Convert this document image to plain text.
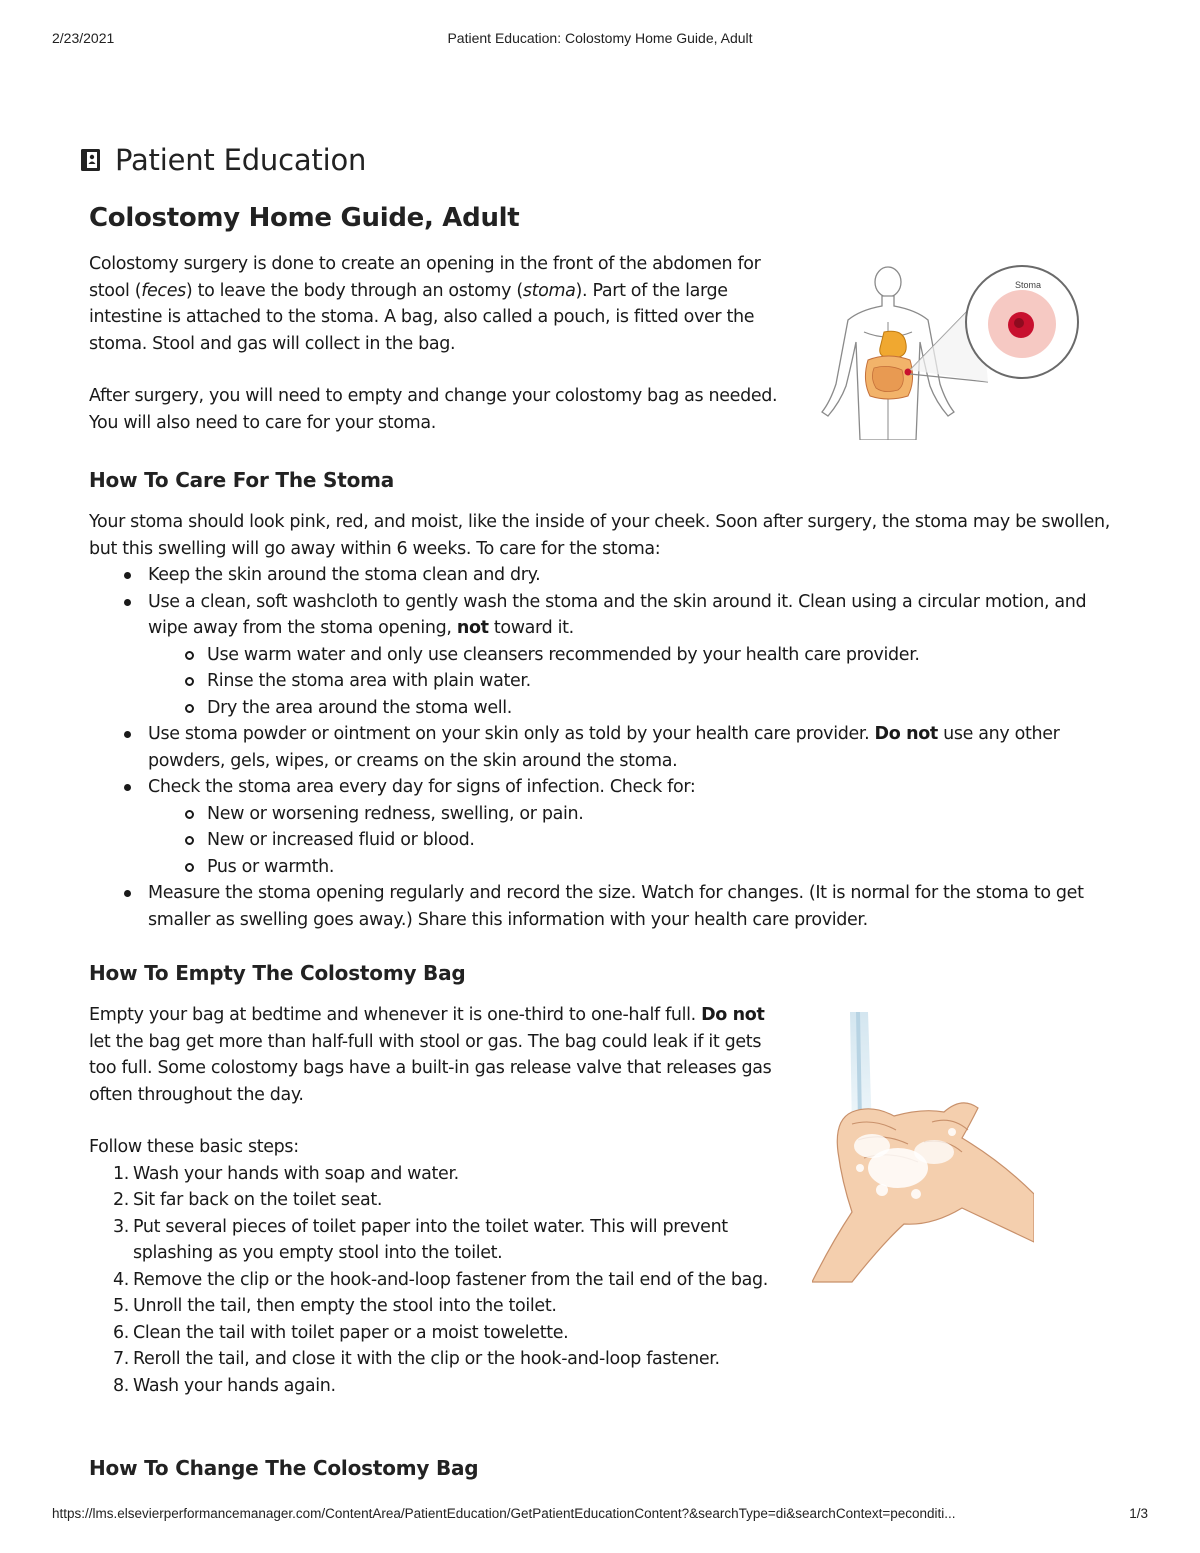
2/23/2021	Patient Education: Colostomy Home Guide, Adult
Patient Education
Colostomy Home Guide, Adult

Colostomy surgery is done to create an opening in the front of the abdomen for stool (feces) to leave the body through an ostomy (stoma). Part of the large intestine is attached to the stoma. A bag, also called a pouch, is fitted over the stoma. Stool and gas will collect in the bag.

After surgery, you will need to empty and change your colostomy bag as needed. You will also need to care for your stoma.

Stoma
How To Care For The Stoma

Your stoma should look pink, red, and moist, like the inside of your cheek. Soon after surgery, the stoma may be swollen, but this swelling will go away within 6 weeks. To care for the stoma:

Keep the skin around the stoma clean and dry.
Use a clean, soft washcloth to gently wash the stoma and the skin around it. Clean using a circular motion, and wipe away from the stoma opening, not toward it.
Use warm water and only use cleansers recommended by your health care provider.
Rinse the stoma area with plain water.
Dry the area around the stoma well.
Use stoma powder or ointment on your skin only as told by your health care provider. Do not use any other powders, gels, wipes, or creams on the skin around the stoma.
Check the stoma area every day for signs of infection. Check for:
New or worsening redness, swelling, or pain.
New or increased fluid or blood.
Pus or warmth.
Measure the stoma opening regularly and record the size. Watch for changes. (It is normal for the stoma to get smaller as swelling goes away.) Share this information with your health care provider.
How To Empty The Colostomy Bag

Empty your bag at bedtime and whenever it is one-third to one-half full. Do not let the bag get more than half-full with stool or gas. The bag could leak if it gets too full. Some colostomy bags have a built-in gas release valve that releases gas often throughout the day.

Follow these basic steps:

1. Wash your hands with soap and water.
2. Sit far back on the toilet seat.
3. Put several pieces of toilet paper into the toilet water. This will prevent splashing as you empty stool into the toilet.
4. Remove the clip or the hook-and-loop fastener from the tail end of the bag.
5. Unroll the tail, then empty the stool into the toilet.
6. Clean the tail with toilet paper or a moist towelette.
7. Reroll the tail, and close it with the clip or the hook-and-loop fastener.
8. Wash your hands again.
How To Change The Colostomy Bag
https://lms.elsevierperformancemanager.com/ContentArea/PatientEducation/GetPatientEducationContent?&searchType=di&searchContext=peconditi...	1/3
